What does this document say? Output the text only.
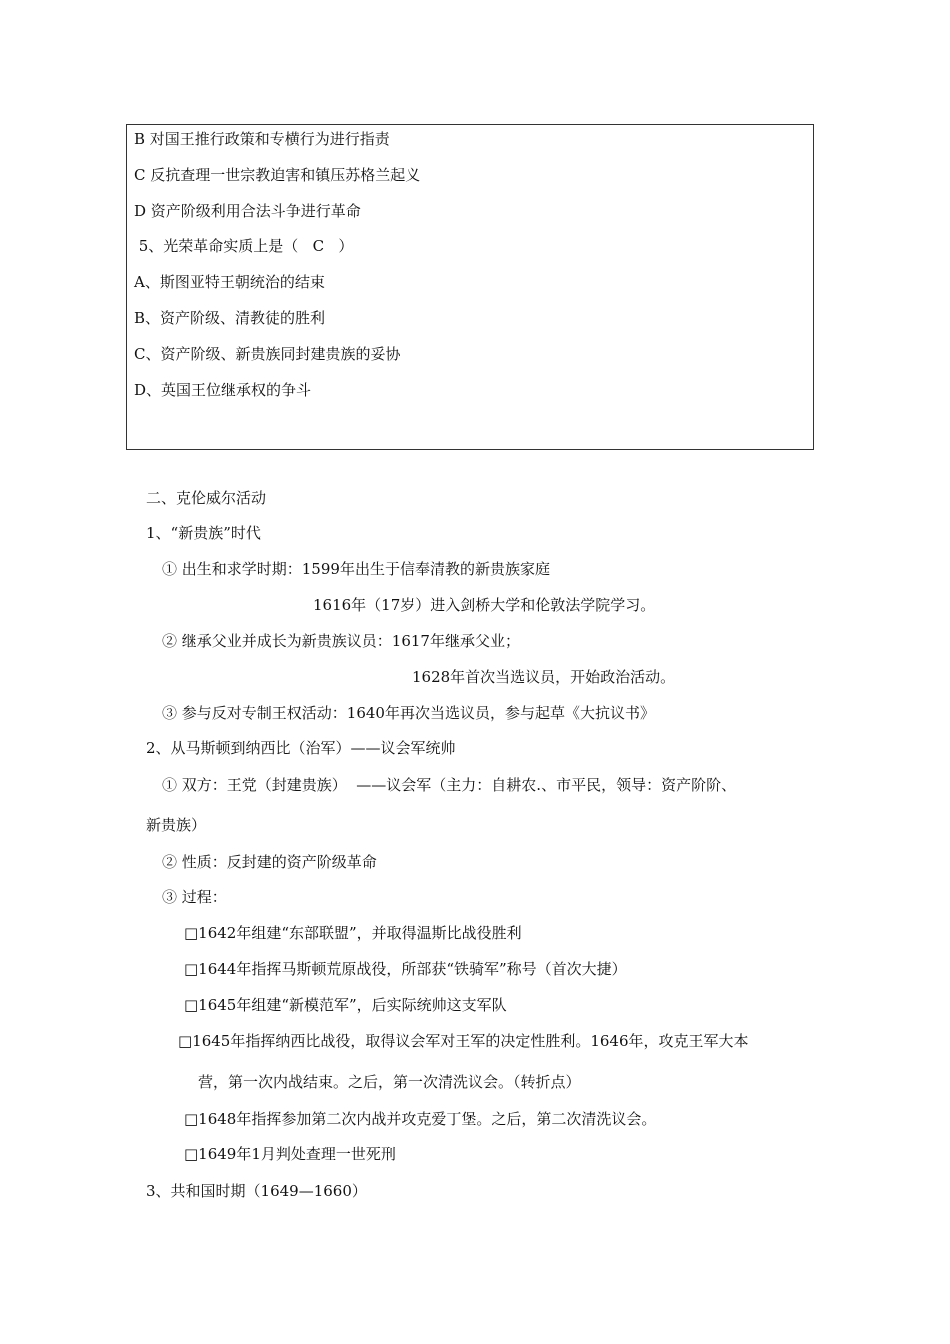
B 对国王推行政策和专横行为进行指责
C 反抗查理一世宗教迫害和镇压苏格兰起义
D 资产阶级利用合法斗争进行革命
5、光荣革命实质上是（   C   ）
A、斯图亚特王朝统治的结束
B、资产阶级、清教徒的胜利
C、资产阶级、新贵族同封建贵族的妥协
D、英国王位继承权的争斗
二、克伦威尔活动
1、“新贵族”时代
① 出生和求学时期：1599年出生于信奉清教的新贵族家庭
1616年（17岁）进入剑桥大学和伦敦法学院学习。
② 继承父业并成长为新贵族议员：1617年继承父业；
1628年首次当选议员，开始政治活动。
③ 参与反对专制王权活动：1640年再次当选议员，参与起草《大抗议书》
2、从马斯顿到纳西比（治军）——议会军统帅
① 双方：王党（封建贵族）  ——议会军（主力：自耕农.、市平民，领导：资产阶阶、
新贵族）
② 性质：反封建的资产阶级革命
③ 过程：
□1642年组建“东部联盟”，并取得温斯比战役胜利
□1644年指挥马斯顿荒原战役，所部获“铁骑军”称号（首次大捷）
□1645年组建“新模范军”，后实际统帅这支军队
□1645年指挥纳西比战役，取得议会军对王军的决定性胜利。1646年，攻克王军大本
营，第一次内战结束。之后，第一次清洗议会。（转折点）
□1648年指挥参加第二次内战并攻克爱丁堡。之后，第二次清洗议会。
□1649年1月判处查理一世死刑
3、共和国时期（1649—1660）
